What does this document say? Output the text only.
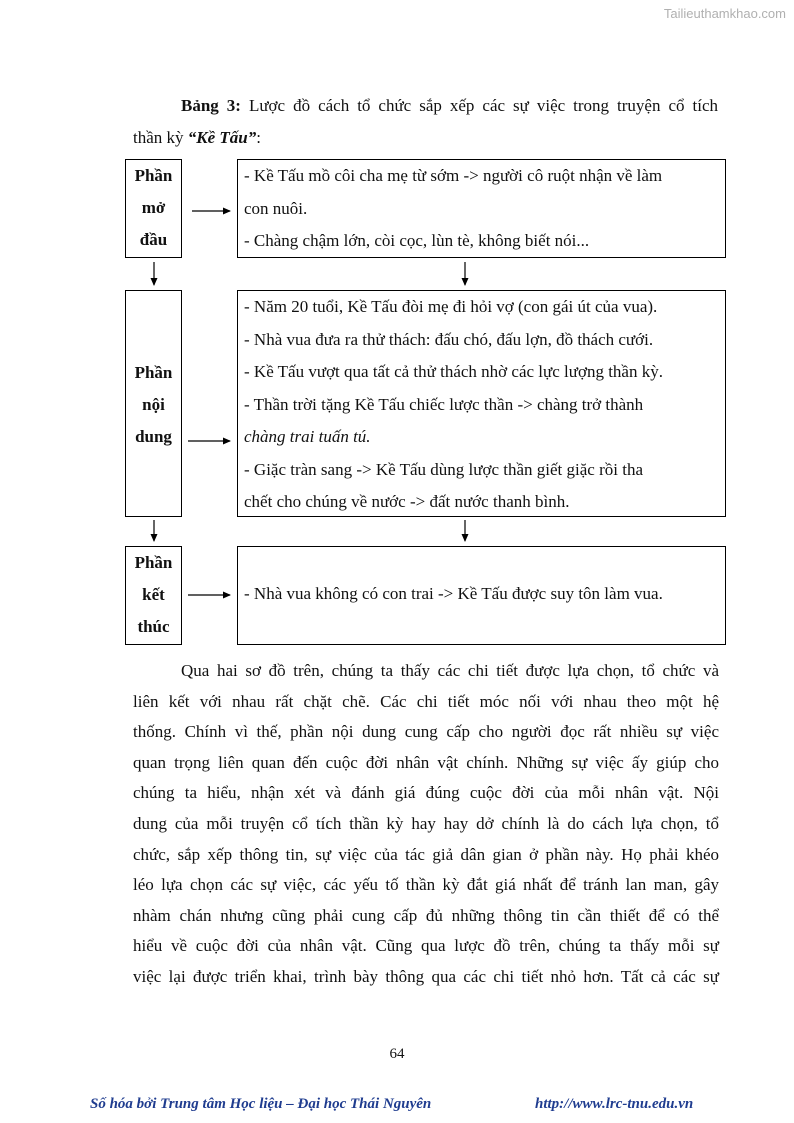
Tailieuthamkhao.com
Bảng 3: Lược đồ cách tổ chức sắp xếp các sự việc trong truyện cổ tích
thần kỳ “Kề Tấu”:
Phần
mở
đầu
- Kề Tấu mồ côi cha mẹ từ sớm -> người cô ruột nhận về làm
con nuôi.
- Chàng chậm lớn, còi cọc, lùn tè, không biết nói...
Phần
nội
dung
- Năm 20 tuổi, Kề Tấu đòi mẹ đi hỏi vợ (con gái út của vua).
- Nhà vua đưa ra thử thách: đấu chó, đấu lợn, đồ thách cưới.
- Kề Tấu vượt qua tất cả thử thách nhờ các lực lượng thần kỳ.
- Thần trời tặng Kề Tấu chiếc lược thần -> chàng trở thành
chàng trai tuấn tú.
- Giặc tràn sang -> Kề Tấu dùng lược thần giết giặc rồi tha
chết cho chúng về nước -> đất nước thanh bình.
Phần
kết
thúc
- Nhà vua không có con trai -> Kề Tấu được suy tôn làm vua.
Qua hai sơ đồ trên, chúng ta thấy các chi tiết được lựa chọn, tổ chức và
liên kết với nhau rất chặt chẽ. Các chi tiết móc nối với nhau theo một hệ
thống. Chính vì thế, phần nội dung cung cấp cho người đọc rất nhiều sự việc
quan trọng liên quan đến cuộc đời nhân vật chính. Những sự việc ấy giúp cho
chúng ta hiểu, nhận xét và đánh giá đúng cuộc đời của mỗi nhân vật. Nội
dung của mỗi truyện cổ tích thần kỳ hay hay dở chính là do cách lựa chọn, tổ
chức, sắp xếp thông tin, sự việc của tác giả dân gian ở phần này. Họ phải khéo
léo lựa chọn các sự việc, các yếu tố thần kỳ đắt giá nhất để tránh lan man, gây
nhàm chán nhưng cũng phải cung cấp đủ những thông tin cần thiết để có thể
hiểu về cuộc đời của nhân vật. Cũng qua lược đồ trên, chúng ta thấy mỗi sự
việc lại được triển khai, trình bày thông qua các chi tiết nhỏ hơn. Tất cả các sự
64
Số hóa bởi Trung tâm Học liệu – Đại học Thái Nguyên	http://www.lrc-tnu.edu.vn
